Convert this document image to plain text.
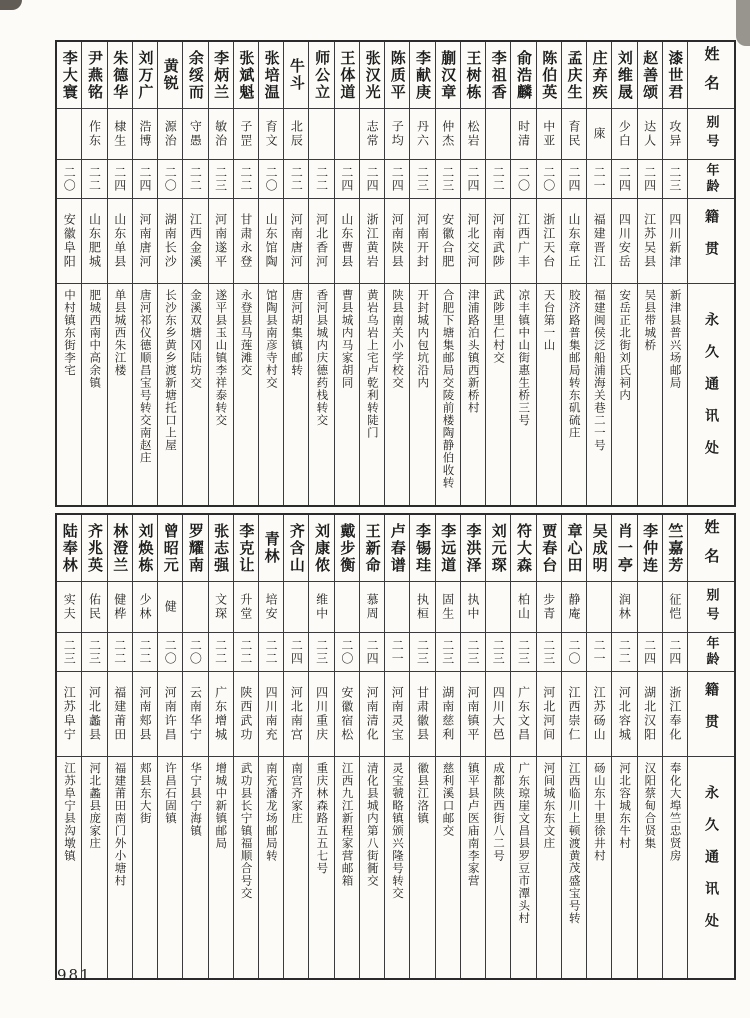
姓名
别号
年龄
籍贯
永久通讯处
漆世君
攻异
二三
四川新津
新津县普兴场邮局
赵善颂
达人
二四
江苏吴县
吴县带城桥
刘维晟
少白
二四
四川安岳
安岳正北街刘氏祠内
庄弃疾
庲
二一
福建晋江
福建闽侯泛船浦海关巷二一号
孟庆生
育民
二四
山东章丘
胶济路普集邮局转东矶硫庄
陈伯英
中亚
二〇
浙江天台
天台第一山
俞浩麟
时清
二〇
江西广丰
凉丰镇中山街惠生桥三号
李祖香
二二
河南武陟
武陟里仁村交
王树栋
松岩
二四
河北交河
津浦路泊头镇西新桥村
蒯汉章
仲杰
二三
安徽合肥
合肥下塘集邮局交陵前楼陶静伯收转
李献庚
丹六
二三
河南开封
开封城内包坑沿内
陈质平
子均
二四
河南陕县
陕县南关小学校交
张汉光
志常
二四
浙江黄岩
黄岩乌岩上宅卢乾利转陡门
王体道
二四
山东曹县
曹县城内马家胡同
师公立
二二
河北香河
香河县城内庆德药栈转交
牛斗
北辰
二二
河南唐河
唐河胡集镇邮转
张培温
育文
二〇
山东馆陶
馆陶县南彦寺村交
张斌魁
子罡
二二
甘肃永登
永登县马莲滩交
李炳兰
敏治
二三
河南遂平
遂平县玉山镇李祥泰转交
余绥而
守愚
二二
江西金溪
金溪双塘冈陆坊交
黄锐
源治
二〇
湖南长沙
长沙东乡黄乡渡新塘托口上屋
刘万广
浩博
二四
河南唐河
唐河祁仪德顺昌宝号转交南赵庄
朱德华
棣生
二四
山东单县
单县城西朱江楼
尹燕铭
作东
二二
山东肥城
肥城西南中高余镇
李大寰
二〇
安徽阜阳
中村镇东街李宅
姓名
别号
年龄
籍贯
永久通讯处
竺嘉芳
征恺
二四
浙江奉化
奉化大埠竺忠贤房
李仲连
二四
湖北汉阳
汉阳蔡甸合贤集
肖一亭
润林
二二
河北容城
河北容城东牛村
吴成明
二一
江苏砀山
砀山东十里徐井村
章心田
静庵
二〇
江西崇仁
江西临川上顿渡黄茂盛宝号转
贾春台
步青
二三
河北河间
河间城东东文庄
符大森
柏山
二三
广东文昌
广东琼崖文昌县罗豆市潭头村
刘元琛
二三
四川大邑
成都陕西街八二号
李洪泽
执中
二三
河南镇平
镇平县卢医庙南李家营
李远道
固生
二三
湖南慈利
慈利溪口邮交
李锡珪
执桓
二三
甘肃徽县
徽县江洛镇
卢春谱
二一
河南灵宝
灵宝虢略镇颁兴隆号转交
王新命
慕周
二四
河南清化
清化县城内第八街衕交
戴步衡
二〇
安徽宿松
江西九江新程家营邮箱
刘康侬
维中
二三
四川重庆
重庆林森路五五七号
齐含山
二四
河北南宫
南宫齐家庄
青林
培安
二二
四川南充
南充潘龙场邮局转
李克让
升堂
二二
陕西武功
武功县长宁镇福顺合号交
张志强
文琛
二二
广东增城
增城中新镇邮局
罗耀南
二〇
云南华宁
华宁县宁海镇
曾昭元
健
二〇
河南许昌
许昌石固镇
刘焕栋
少林
二二
河南郏县
郏县东大街
林澄兰
健桦
二二
福建莆田
福建莆田南门外小塘村
齐兆英
佑民
二三
河北蠡县
河北蠡县庞家庄
陆奉林
实夫
二三
江苏阜宁
江苏阜宁县沟墩镇
981
